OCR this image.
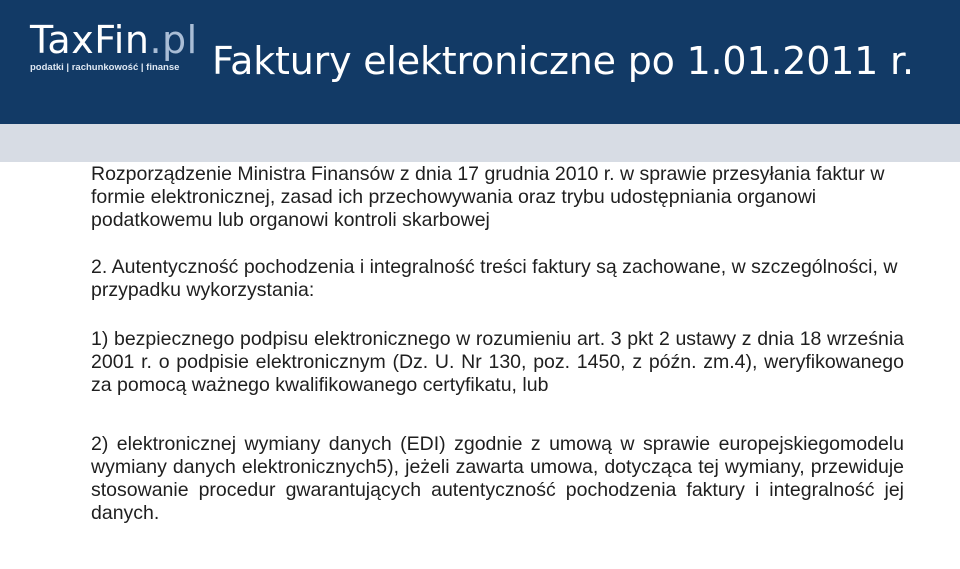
TaxFin.pl
podatki | rachunkowość | finanse Faktury elektroniczne po 1.01.2011 r.

Rozporządzenie Ministra Finansów z dnia 17 grudnia 2010 r. w sprawie przesyłania faktur w formie elektronicznej, zasad ich przechowywania oraz trybu udostępniania organowi podatkowemu lub organowi kontroli skarbowej

2. Autentyczność pochodzenia i integralność treści faktury są zachowane, w szczególności, w przypadku wykorzystania:

1) bezpiecznego podpisu elektronicznego w rozumieniu art. 3 pkt 2 ustawy z dnia 18 września 2001 r. o podpisie elektronicznym (Dz. U. Nr 130, poz. 1450, z późn. zm.4), weryfikowanego za pomocą ważnego kwalifikowanego certyfikatu, lub

2) elektronicznej wymiany danych (EDI) zgodnie z umową w sprawie europejskiegomodelu wymiany danych elektronicznych5), jeżeli zawarta umowa, dotycząca tej wymiany, przewiduje stosowanie procedur gwarantujących autentyczność pochodzenia faktury i integralność jej danych.
